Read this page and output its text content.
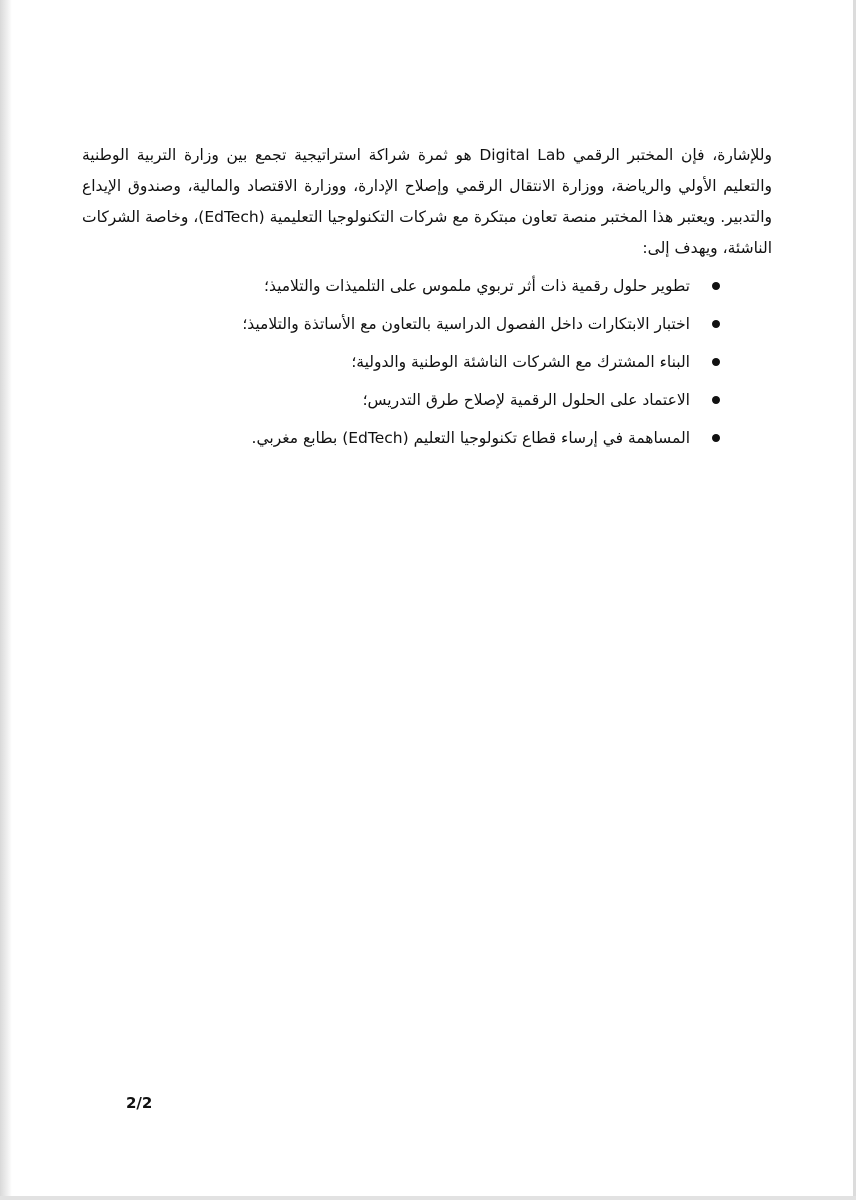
وللإشارة، فإن المختبر الرقمي Digital Lab هو ثمرة شراكة استراتيجية تجمع بين وزارة التربية الوطنية والتعليم الأولي والرياضة، ووزارة الانتقال الرقمي وإصلاح الإدارة، ووزارة الاقتصاد والمالية، وصندوق الإيداع والتدبير. ويعتبر هذا المختبر منصة تعاون مبتكرة مع شركات التكنولوجيا التعليمية (EdTech)، وخاصة الشركات الناشئة، ويهدف إلى:

تطوير حلول رقمية ذات أثر تربوي ملموس على التلميذات والتلاميذ؛
اختبار الابتكارات داخل الفصول الدراسية بالتعاون مع الأساتذة والتلاميذ؛
البناء المشترك مع الشركات الناشئة الوطنية والدولية؛
الاعتماد على الحلول الرقمية لإصلاح طرق التدريس؛
المساهمة في إرساء قطاع تكنولوجيا التعليم (EdTech) بطابع مغربي.
2/2
